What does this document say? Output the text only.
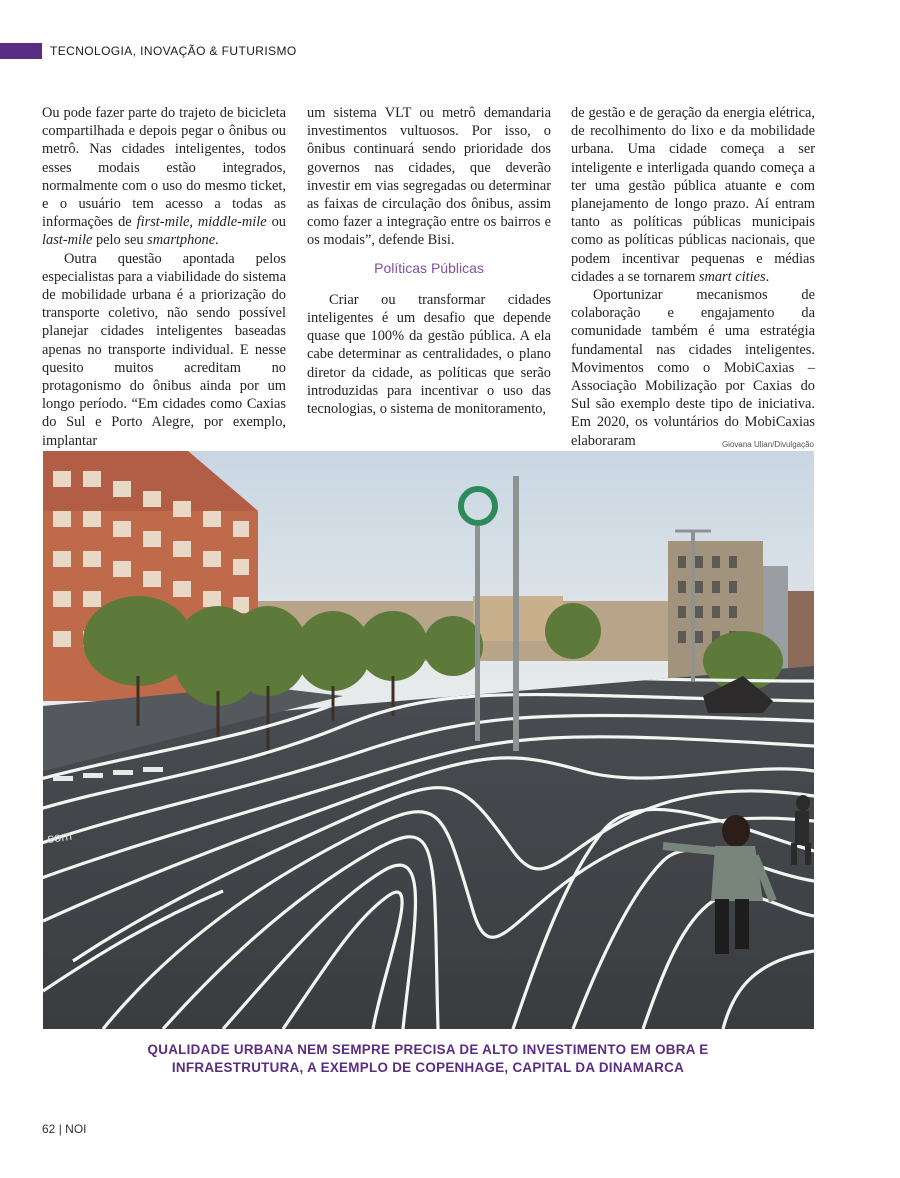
TECNOLOGIA, INOVAÇÃO & FUTURISMO

Ou pode fazer parte do trajeto de bicicleta compartilhada e depois pegar o ônibus ou metrô. Nas cidades inteligentes, todos esses modais estão integrados, normalmente com o uso do mesmo ticket, e o usuário tem acesso a todas as informações de first-mile, middle-mile ou last-mile pelo seu smartphone.

Outra questão apontada pelos especialistas para a viabilidade do sistema de mobilidade urbana é a priorização do transporte coletivo, não sendo possível planejar cidades inteligentes baseadas apenas no transporte individual. E nesse quesito muitos acreditam no protagonismo do ônibus ainda por um longo período. “Em cidades como Caxias do Sul e Porto Alegre, por exemplo, implantar

um sistema VLT ou metrô demandaria investimentos vultuosos. Por isso, o ônibus continuará sendo prioridade dos governos nas cidades, que deverão investir em vias segregadas ou determinar as faixas de circulação dos ônibus, assim como fazer a integração entre os bairros e os modais”, defende Bisi.

Políticas Públicas

Criar ou transformar cidades inteligentes é um desafio que depende quase que 100% da gestão pública. A ela cabe determinar as centralidades, o plano diretor da cidade, as políticas que serão introduzidas para incentivar o uso das tecnologias, o sistema de monitoramento,

de gestão e de geração da energia elétrica, de recolhimento do lixo e da mobilidade urbana. Uma cidade começa a ser inteligente e interligada quando começa a ter uma gestão pública atuante e com planejamento de longo prazo. Aí entram tanto as políticas públicas municipais como as políticas públicas nacionais, que podem incentivar pequenas e médias cidades a se tornarem smart cities.

Oportunizar mecanismos de colaboração e engajamento da comunidade também é uma estratégia fundamental nas cidades inteligentes. Movimentos como o MobiCaxias – Associação Mobilização por Caxias do Sul são exemplo deste tipo de iniciativa. Em 2020, os voluntários do MobiCaxias elaboraram	Giovana Ulian/Divulgação
som
QUALIDADE URBANA NEM SEMPRE PRECISA DE ALTO INVESTIMENTO EM OBRA E
INFRAESTRUTURA, A EXEMPLO DE COPENHAGE, CAPITAL DA DINAMARCA
62 | NOI
